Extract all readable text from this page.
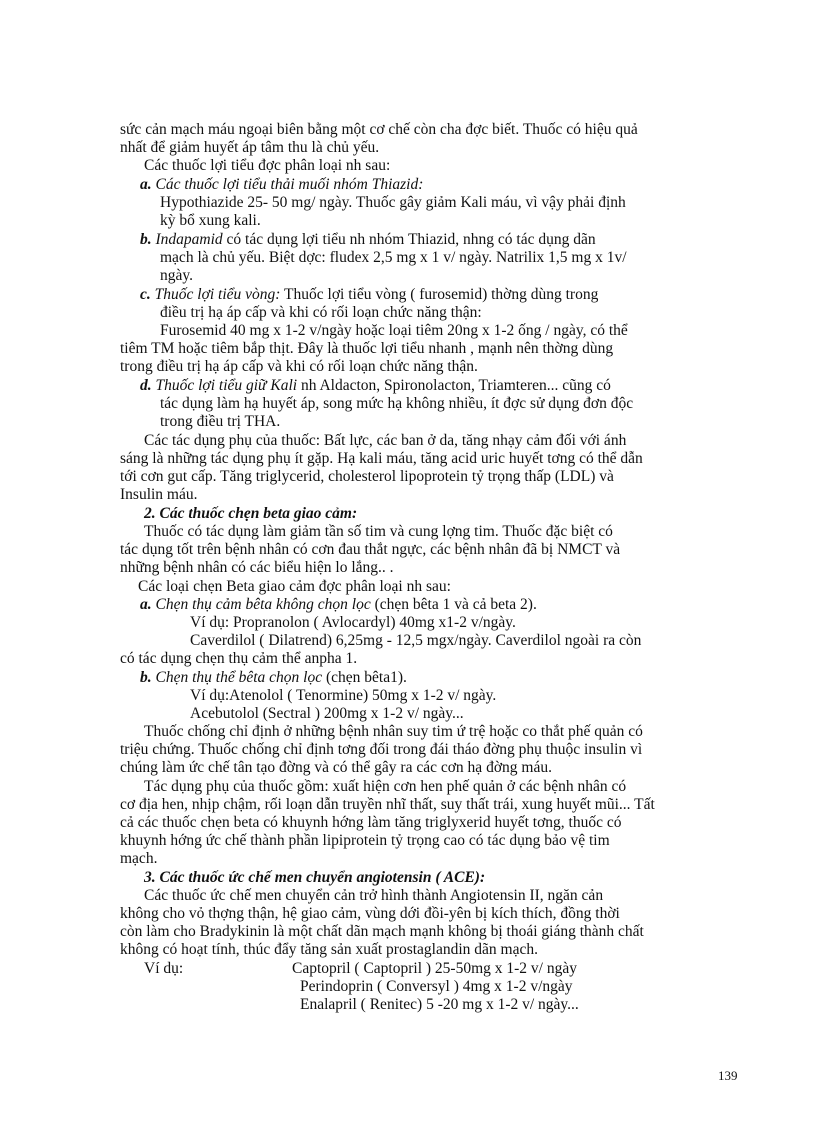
sức cản mạch máu ngoại biên bằng một cơ chế còn cha đợc biết. Thuốc có hiệu quả
nhất để giảm huyết áp tâm thu là chủ yếu.
Các thuốc lợi tiểu đợc phân loại nh sau:
a. Các thuốc lợi tiểu thải muối nhóm Thiazid:
Hypothiazide 25- 50 mg/ ngày. Thuốc gây giảm Kali máu, vì vậy phải định
kỳ bổ xung kali.
b. Indapamid có tác dụng lợi tiểu nh nhóm Thiazid, nhng có tác dụng dãn
mạch là chủ yếu. Biệt dợc: fludex 2,5 mg x 1 v/ ngày. Natrilix 1,5 mg x 1v/
ngày.
c. Thuốc lợi tiểu vòng: Thuốc lợi tiểu vòng ( furosemid) thờng dùng trong
điều trị hạ áp cấp và khi có rối loạn chức năng thận:
Furosemid 40 mg x 1-2 v/ngày hoặc loại tiêm 20ng x 1-2 ống / ngày, có thể
tiêm TM hoặc tiêm bắp thịt. Đây là thuốc lợi tiểu nhanh , mạnh nên thờng dùng
trong điều trị hạ áp cấp và khi có rối loạn chức năng thận.
d. Thuốc lợi tiểu giữ Kali nh Aldacton, Spironolacton, Triamteren... cũng có
tác dụng làm hạ huyết áp, song mức hạ không nhiều, ít đợc sử dụng đơn độc
trong điều trị THA.
Các tác dụng phụ của thuốc: Bất lực, các ban ở da, tăng nhạy cảm đối với ánh
sáng là những tác dụng phụ ít gặp. Hạ kali máu, tăng acid uric huyết tơng có thể dẫn
tới cơn gut cấp. Tăng triglycerid, cholesterol lipoprotein tỷ trọng thấp (LDL) và
Insulin máu.
2. Các thuốc chẹn beta giao cảm:
Thuốc có tác dụng làm giảm tần số tim và cung lợng tim. Thuốc đặc biệt có
tác dụng tốt trên bệnh nhân có cơn đau thắt ngực, các bệnh nhân đã bị NMCT và
những bệnh nhân có các biểu hiện lo lắng.. .
Các loại chẹn Beta giao cảm đợc phân loại nh sau:
a. Chẹn thụ cảm bêta không chọn lọc (chẹn bêta 1 và cả beta 2).
Ví dụ: Propranolon ( Avlocardyl) 40mg x1-2 v/ngày.
Caverdilol ( Dilatrend) 6,25mg - 12,5 mgx/ngày. Caverdilol ngoài ra còn
có tác dụng chẹn thụ cảm thể anpha 1.
b. Chẹn thụ thể bêta chọn lọc (chẹn bêta1).
Ví dụ:Atenolol ( Tenormine) 50mg x 1-2 v/ ngày.
Acebutolol (Sectral ) 200mg x 1-2 v/ ngày...
Thuốc chống chỉ định ở những bệnh nhân suy tim ứ trệ hoặc co thắt phế quản có
triệu chứng. Thuốc chống chỉ định tơng đối trong đái tháo đờng phụ thuộc insulin vì
chúng làm ức chế tân tạo đờng và có thể gây ra các cơn hạ đờng máu.
Tác dụng phụ của thuốc gồm: xuất hiện cơn hen phế quản ở các bệnh nhân có
cơ địa hen, nhịp chậm, rối loạn dẫn truyền nhĩ thất, suy thất trái, xung huyết mũi... Tất
cả các thuốc chẹn beta có khuynh hớng làm tăng triglyxerid huyết tơng, thuốc có
khuynh hớng ức chế thành phần lipiprotein tỷ trọng cao có tác dụng bảo vệ tim
mạch.
3. Các thuốc ức chế men chuyển angiotensin ( ACE):
Các thuốc ức chế men chuyển cản trở hình thành Angiotensin II, ngăn cản
không cho vỏ thợng thận, hệ giao cảm, vùng dới đồi-yên bị kích thích, đồng thời
còn làm cho Bradykinin là một chất dãn mạch mạnh không bị thoái giáng thành chất
không có hoạt tính, thúc đẩy tăng sản xuất prostaglandin dãn mạch.
Ví dụ:	Captopril ( Captopril ) 25-50mg x 1-2 v/ ngày
Perindoprin ( Conversyl ) 4mg x 1-2 v/ngày
Enalapril ( Renitec) 5 -20 mg x 1-2 v/ ngày...
139
